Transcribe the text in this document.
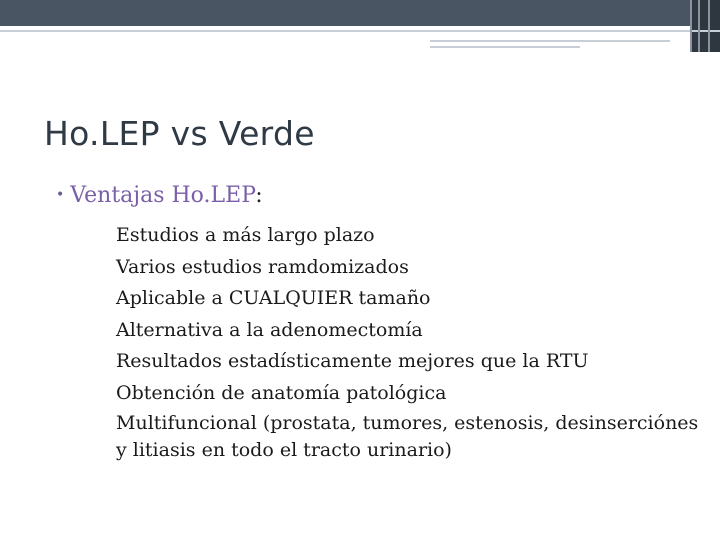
Ho.LEP vs Verde
• Ventajas Ho.LEP:
Estudios a más largo plazo
Varios estudios ramdomizados
Aplicable a CUALQUIER tamaño
Alternativa a la adenomectomía
Resultados estadísticamente mejores que la RTU
Obtención de anatomía patológica
Multifuncional (prostata, tumores, estenosis, desinserciónes y litiasis en todo el tracto urinario)
